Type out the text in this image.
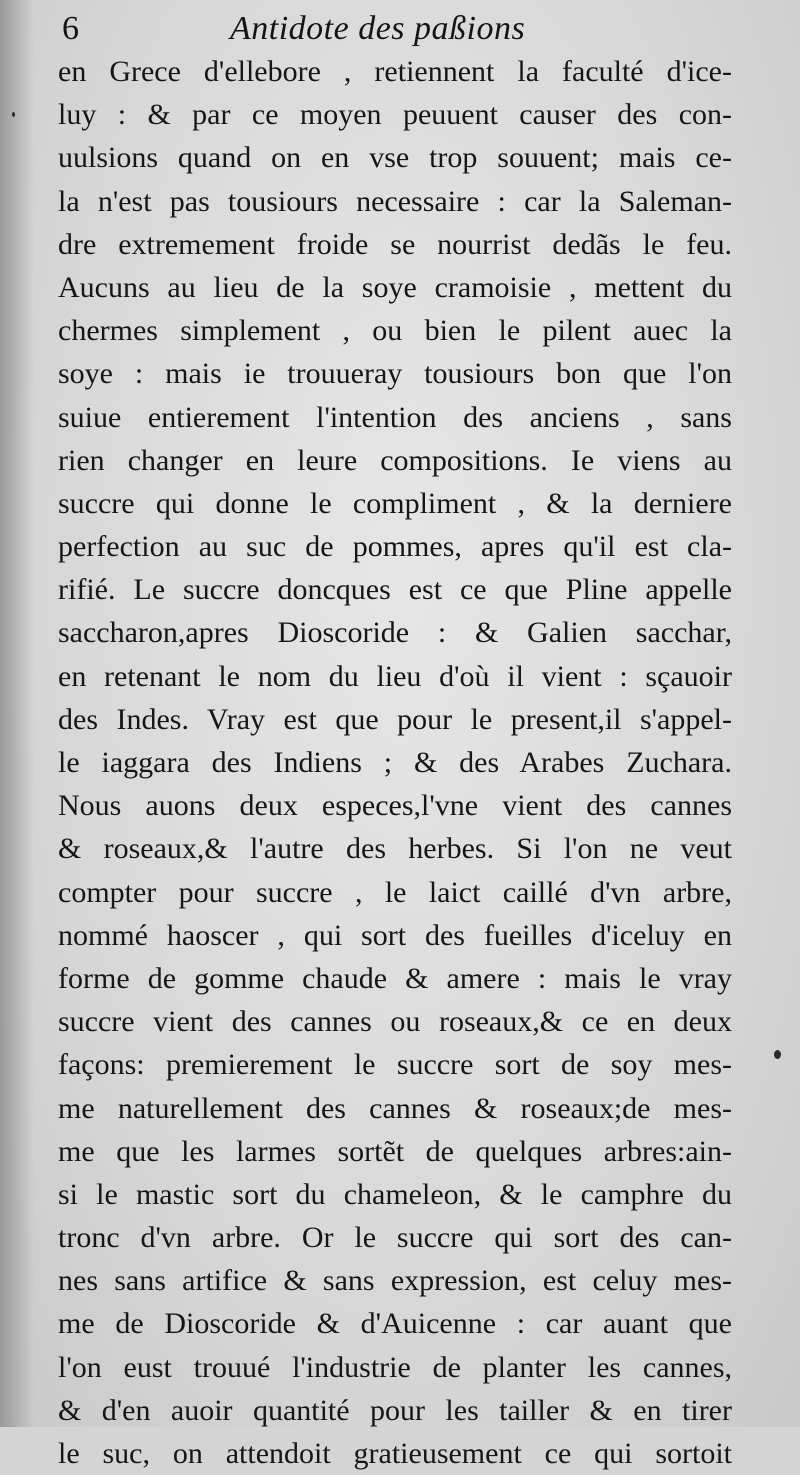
6	Antidote des paßions
en Grece d'ellebore , retiennent la faculté d'ice-
luy : & par ce moyen peuuent causer des con-
uulsions quand on en vse trop souuent; mais ce-
la n'est pas tousiours necessaire : car la Saleman-
dre extremement froide se nourrist dedãs le feu.
Aucuns au lieu de la soye cramoisie , mettent du
chermes simplement , ou bien le pilent auec la
soye : mais ie trouueray tousiours bon que l'on
suiue entierement l'intention des anciens , sans
rien changer en leure compositions. Ie viens au
succre qui donne le compliment , & la derniere
perfection au suc de pommes, apres qu'il est cla-
rifié. Le succre doncques est ce que Pline appelle
saccharon,apres Dioscoride : & Galien sacchar,
en retenant le nom du lieu d'où il vient : sçauoir
des Indes. Vray est que pour le present,il s'appel-
le iaggara des Indiens ; & des Arabes Zuchara.
Nous auons deux especes,l'vne vient des cannes
& roseaux,& l'autre des herbes. Si l'on ne veut
compter pour succre , le laict caillé d'vn arbre,
nommé haoscer , qui sort des fueilles d'iceluy en
forme de gomme chaude & amere : mais le vray
succre vient des cannes ou roseaux,& ce en deux
façons: premierement le succre sort de soy mes-
me naturellement des cannes & roseaux;de mes-
me que les larmes sortẽt de quelques arbres:ain-
si le mastic sort du chameleon, & le camphre du
tronc d'vn arbre. Or le succre qui sort des can-
nes sans artifice & sans expression, est celuy mes-
me de Dioscoride & d'Auicenne : car auant que
l'on eust trouué l'industrie de planter les cannes,
& d'en auoir quantité pour les tailler & en tirer
le suc, on attendoit gratieusement ce qui sortoit
